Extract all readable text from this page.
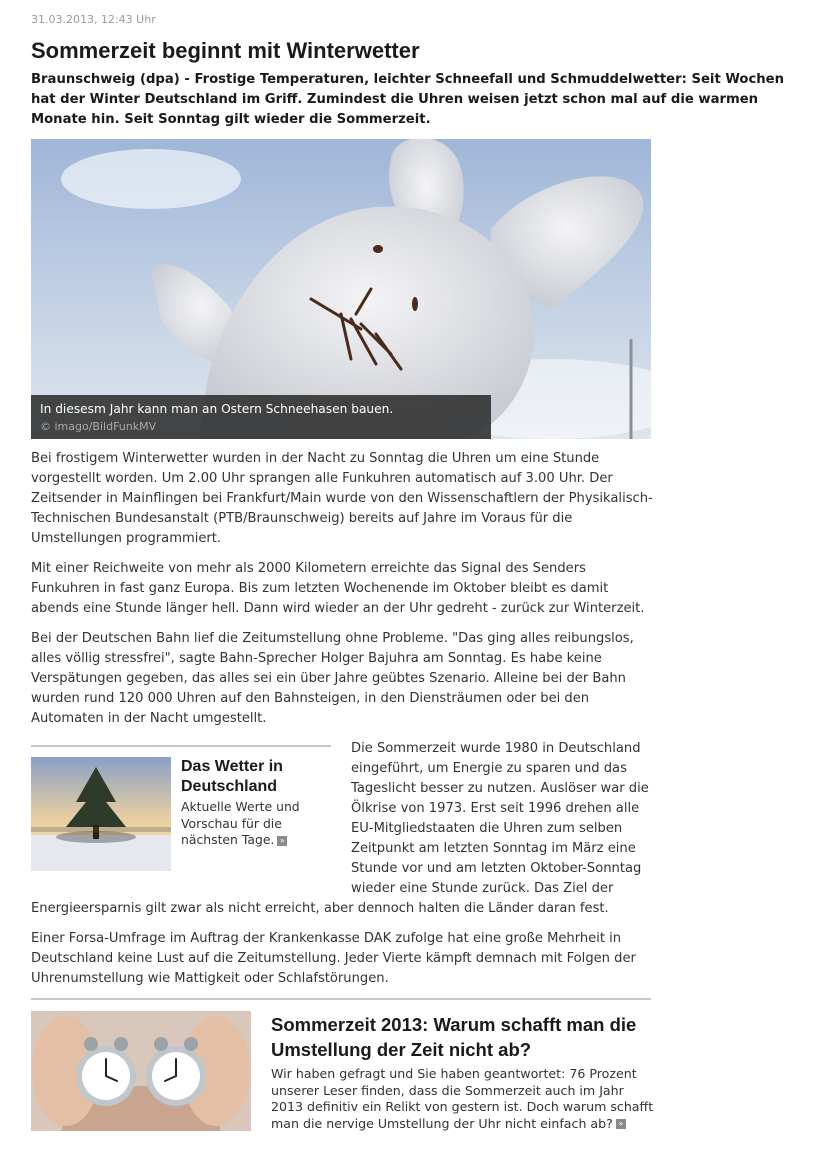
31.03.2013, 12:43 Uhr
Sommerzeit beginnt mit Winterwetter

Braunschweig (dpa) - Frostige Temperaturen, leichter Schneefall und Schmuddelwetter: Seit Wochen hat der Winter Deutschland im Griff. Zumindest die Uhren weisen jetzt schon mal auf die warmen Monate hin. Seit Sonntag gilt wieder die Sommerzeit.

In diesesm Jahr kann man an Ostern Schneehasen bauen.
© imago/BildFunkMV

Bei frostigem Winterwetter wurden in der Nacht zu Sonntag die Uhren um eine Stunde vorgestellt worden. Um 2.00 Uhr sprangen alle Funkuhren automatisch auf 3.00 Uhr. Der Zeitsender in Mainflingen bei Frankfurt/Main wurde von den Wissenschaftlern der Physikalisch-Technischen Bundesanstalt (PTB/Braunschweig) bereits auf Jahre im Voraus für die Umstellungen programmiert.

Mit einer Reichweite von mehr als 2000 Kilometern erreichte das Signal des Senders Funkuhren in fast ganz Europa. Bis zum letzten Wochenende im Oktober bleibt es damit abends eine Stunde länger hell. Dann wird wieder an der Uhr gedreht - zurück zur Winterzeit.

Bei der Deutschen Bahn lief die Zeitumstellung ohne Probleme. "Das ging alles reibungslos, alles völlig stressfrei", sagte Bahn-Sprecher Holger Bajuhra am Sonntag. Es habe keine Verspätungen gegeben, das alles sei ein über Jahre geübtes Szenario. Alleine bei der Bahn wurden rund 120 000 Uhren auf den Bahnsteigen, in den Diensträumen oder bei den Automaten in der Nacht umgestellt.

Das Wetter in Deutschland

Aktuelle Werte und Vorschau für die nächsten Tage. »

Die Sommerzeit wurde 1980 in Deutschland eingeführt, um Energie zu sparen und das Tageslicht besser zu nutzen. Auslöser war die Ölkrise von 1973. Erst seit 1996 drehen alle EU-Mitgliedstaaten die Uhren zum selben Zeitpunkt am letzten Sonntag im März eine Stunde vor und am letzten Oktober-Sonntag wieder eine Stunde zurück. Das Ziel der

Energieersparnis gilt zwar als nicht erreicht, aber dennoch halten die Länder daran fest.

Einer Forsa-Umfrage im Auftrag der Krankenkasse DAK zufolge hat eine große Mehrheit in Deutschland keine Lust auf die Zeitumstellung. Jeder Vierte kämpft demnach mit Folgen der Uhrenumstellung wie Mattigkeit oder Schlafstörungen.

Sommerzeit 2013: Warum schafft man die Umstellung der Zeit nicht ab?

Wir haben gefragt und Sie haben geantwortet: 76 Prozent unserer Leser finden, dass die Sommerzeit auch im Jahr 2013 definitiv ein Relikt von gestern ist. Doch warum schafft man die nervige Umstellung der Uhr nicht einfach ab? »
